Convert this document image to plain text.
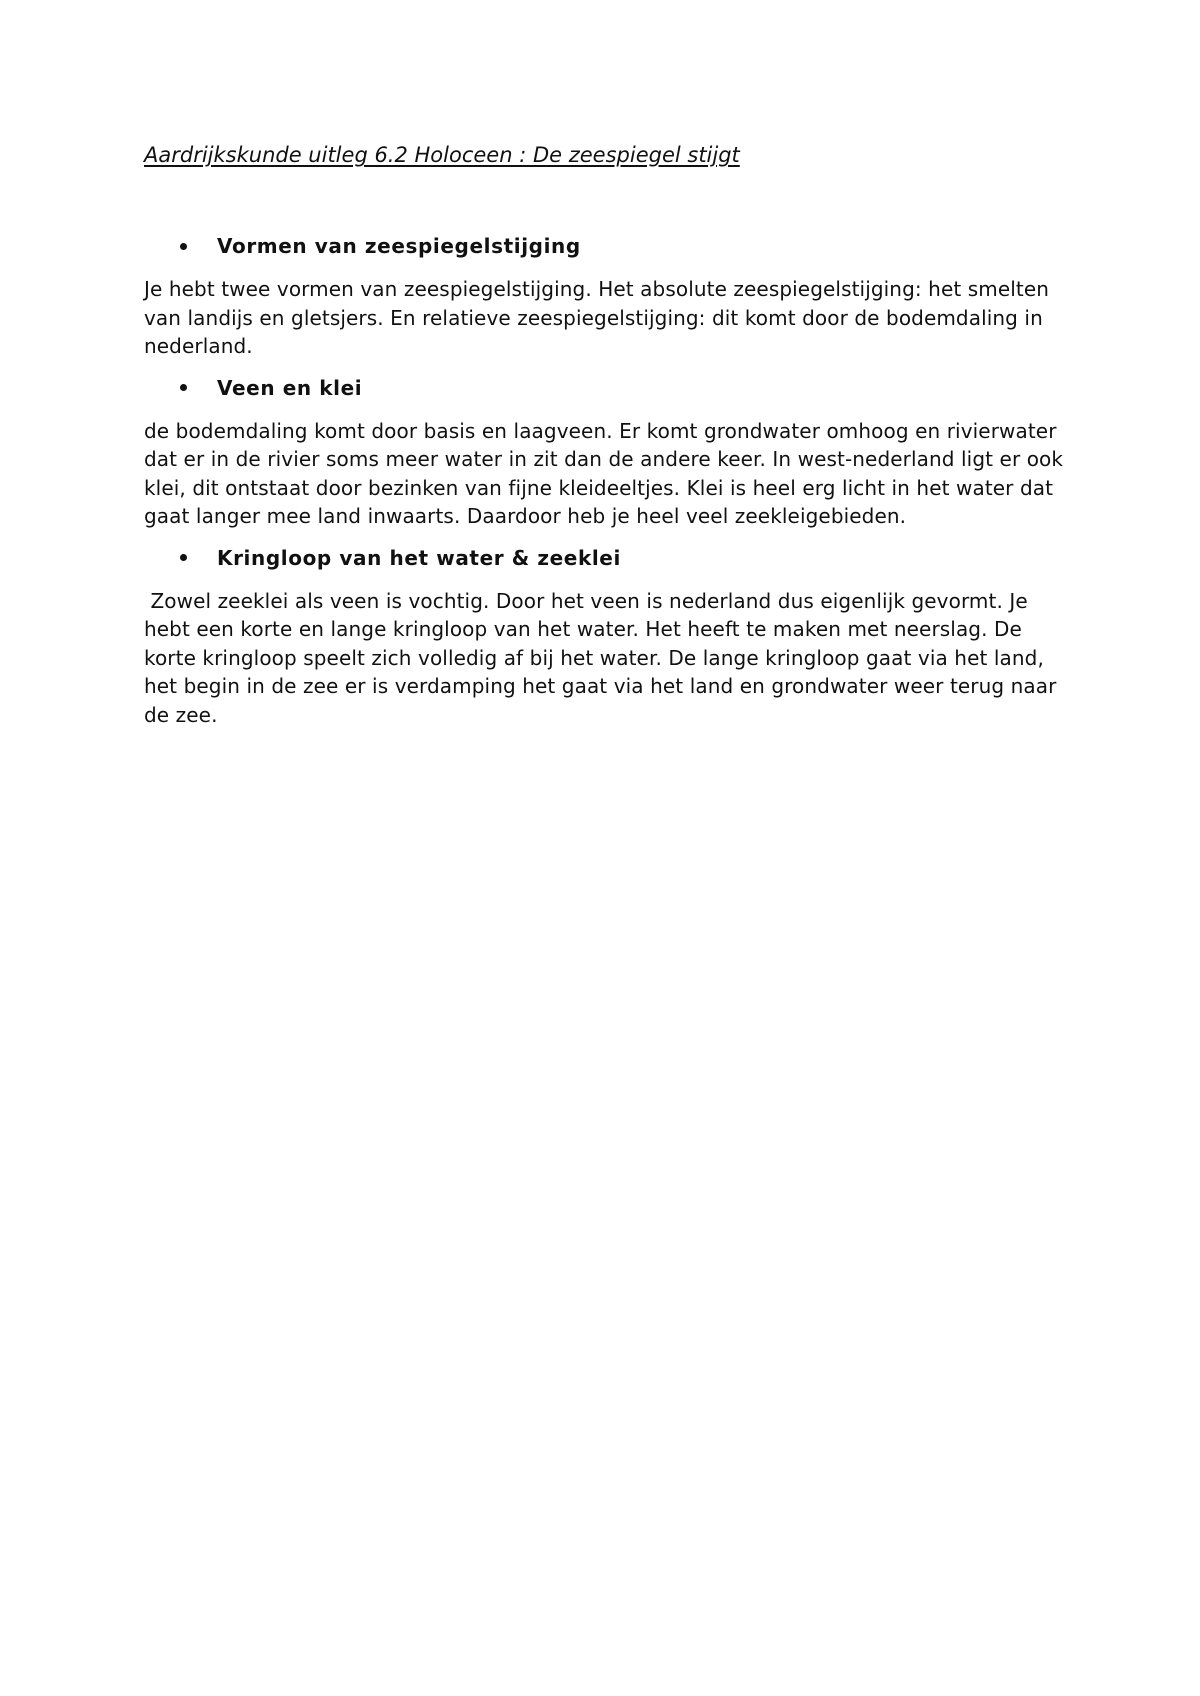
Aardrijkskunde uitleg 6.2 Holoceen : De zeespiegel stijgt
Vormen van zeespiegelstijging

Je hebt twee vormen van zeespiegelstijging. Het absolute zeespiegelstijging: het smelten van landijs en gletsjers. En relatieve zeespiegelstijging: dit komt door de bodemdaling in nederland.

Veen en klei

de bodemdaling komt door basis en laagveen. Er komt grondwater omhoog en rivierwater dat er in de rivier soms meer water in zit dan de andere keer. In west-nederland ligt er ook klei, dit ontstaat door bezinken van fijne kleideeltjes. Klei is heel erg licht in het water dat gaat langer mee land inwaarts. Daardoor heb je heel veel zeekleigebieden.

Kringloop van het water & zeeklei

Zowel zeeklei als veen is vochtig. Door het veen is nederland dus eigenlijk gevormt. Je hebt een korte en lange kringloop van het water. Het heeft te maken met neerslag. De korte kringloop speelt zich volledig af bij het water. De lange kringloop gaat via het land, het begin in de zee er is verdamping het gaat via het land en grondwater weer terug naar de zee.
